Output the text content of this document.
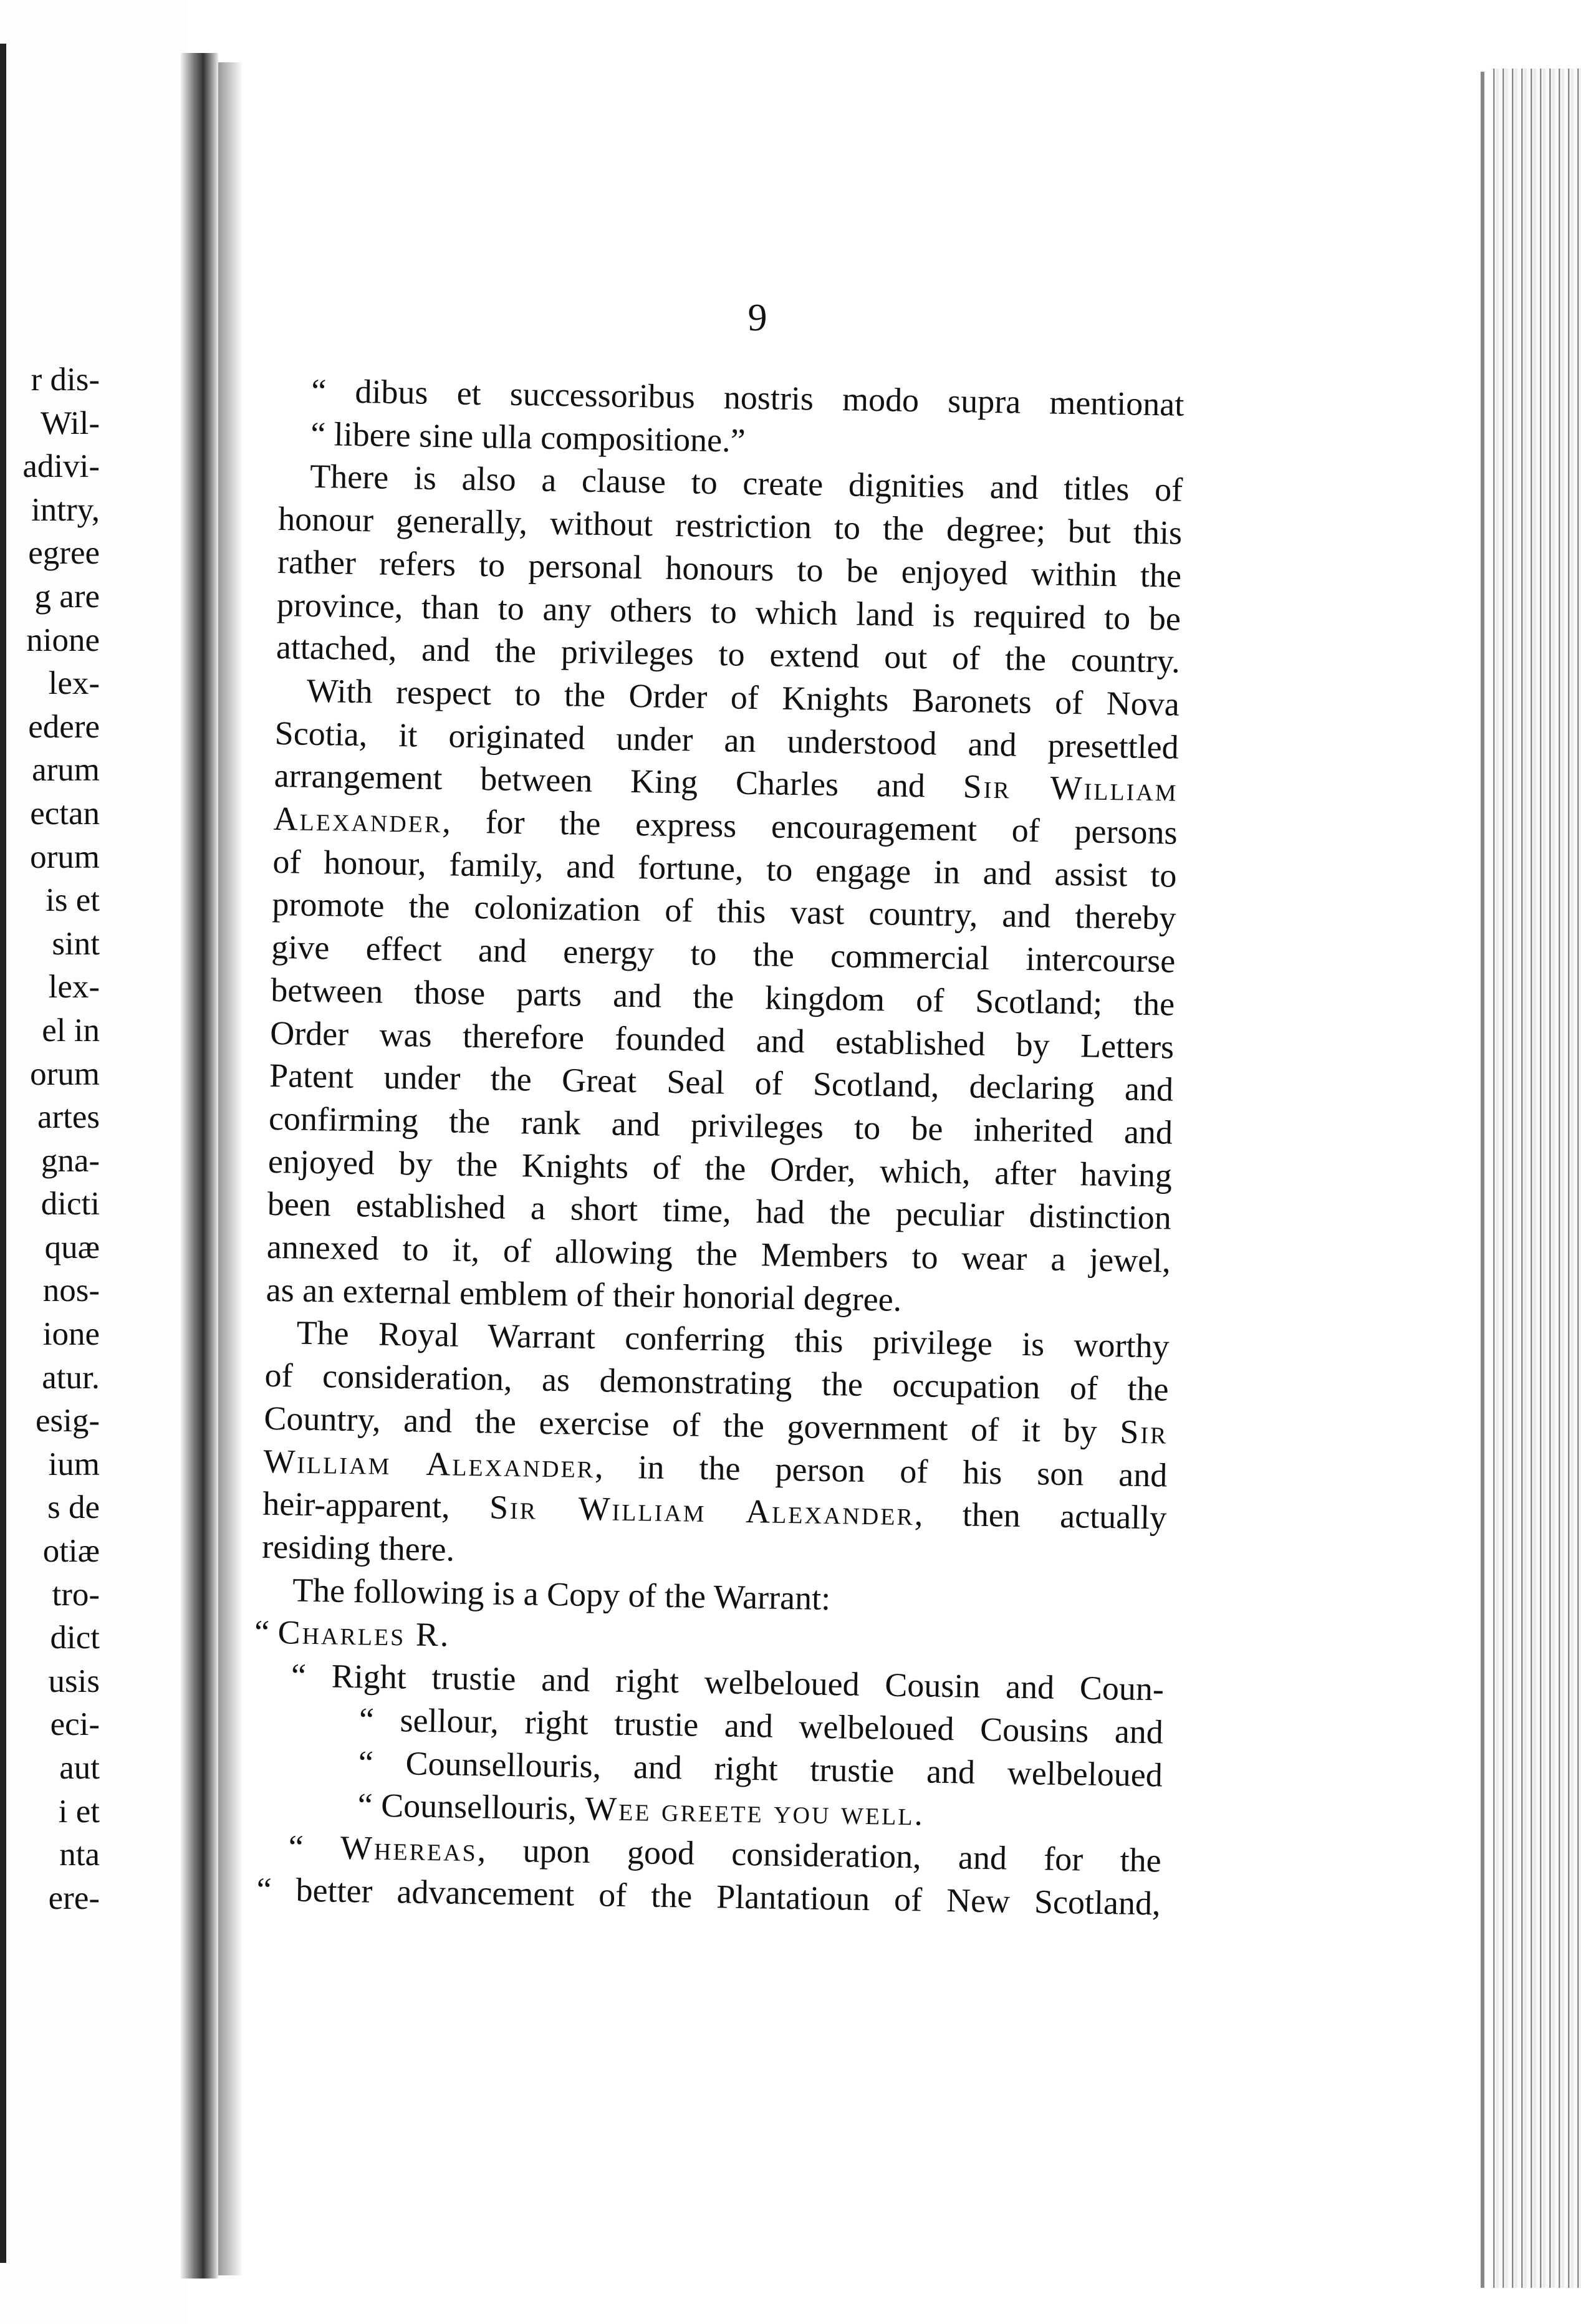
r dis-
Wil-
adivi-
intry,
egree
g are
nione
lex-
edere
arum
ectan
orum
is et
sint
lex-
el in
orum
artes
gna-
dicti
quæ
nos-
ione
atur.
esig-
ium
s de
otiæ
tro-
dict
usis
eci-
aut
i et
nta
ere-
9
“ dibus et successoribus nostris modo supra mentionat
“ libere sine ulla compositione.”
There is also a clause to create dignities and titles of
honour generally, without restriction to the degree; but this
rather refers to personal honours to be enjoyed within the
province, than to any others to which land is required to be
attached, and the privileges to extend out of the country.
With respect to the Order of Knights Baronets of Nova
Scotia, it originated under an understood and presettled
arrangement between King Charles and Sir William
Alexander, for the express encouragement of persons
of honour, family, and fortune, to engage in and assist to
promote the colonization of this vast country, and thereby
give effect and energy to the commercial intercourse
between those parts and the kingdom of Scotland; the
Order was therefore founded and established by Letters
Patent under the Great Seal of Scotland, declaring and
confirming the rank and privileges to be inherited and
enjoyed by the Knights of the Order, which, after having
been established a short time, had the peculiar distinction
annexed to it, of allowing the Members to wear a jewel,
as an external emblem of their honorial degree.
The Royal Warrant conferring this privilege is worthy
of consideration, as demonstrating the occupation of the
Country, and the exercise of the government of it by Sir
William Alexander, in the person of his son and
heir-apparent, Sir William Alexander, then actually
residing there.
The following is a Copy of the Warrant:
“ Charles R.
“ Right trustie and right welbeloued Cousin and Coun-
“ sellour, right trustie and welbeloued Cousins and
“ Counsellouris, and right trustie and welbeloued
“ Counsellouris, Wee greete you well.
“ Whereas, upon good consideration, and for the
“ better advancement of the Plantatioun of New Scotland,
